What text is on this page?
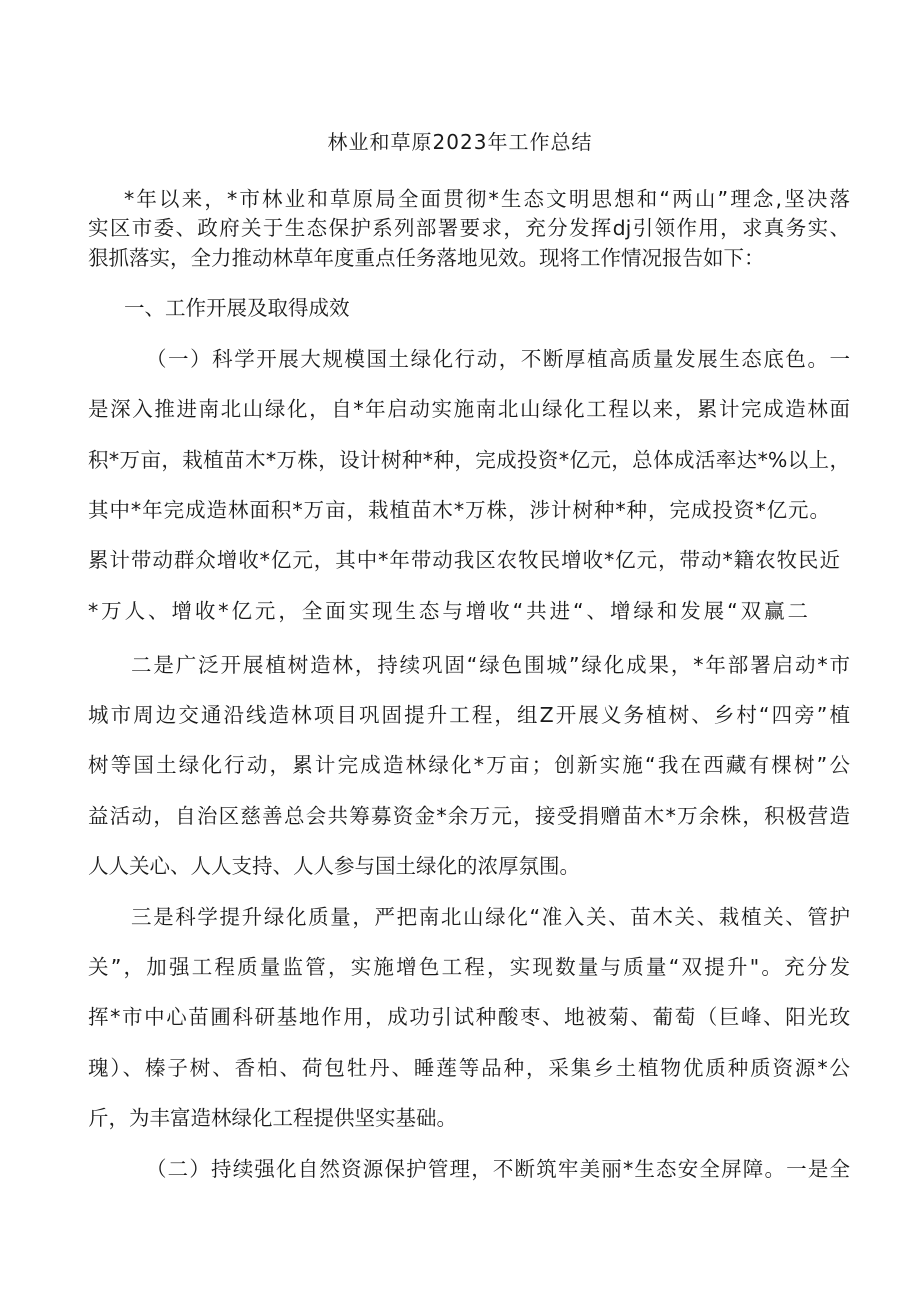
林业和草原2023年工作总结
*年以来，*市林业和草原局全面贯彻*生态文明思想和“两山”理念,坚决落
实区市委、政府关于生态保护系列部署要求，充分发挥dj引领作用，求真务实、
狠抓落实，全力推动林草年度重点任务落地见效。现将工作情况报告如下：
一、工作开展及取得成效
（一）科学开展大规模国土绿化行动，不断厚植高质量发展生态底色。一
是深入推进南北山绿化，自*年启动实施南北山绿化工程以来，累计完成造林面
积*万亩，栽植苗木*万株，设计树种*种，完成投资*亿元，总体成活率达*%以上，
其中*年完成造林面积*万亩，栽植苗木*万株，涉计树种*种，完成投资*亿元。
累计带动群众增收*亿元，其中*年带动我区农牧民增收*亿元，带动*籍农牧民近
*万人、增收*亿元，全面实现生态与增收“共进“、增绿和发展“双赢二
二是广泛开展植树造林，持续巩固“绿色围城”绿化成果，*年部署启动*市
城市周边交通沿线造林项目巩固提升工程，组Z开展义务植树、乡村“四旁”植
树等国土绿化行动，累计完成造林绿化*万亩；创新实施“我在西藏有棵树”公
益活动，自治区慈善总会共筹募资金*余万元，接受捐赠苗木*万余株，积极营造
人人关心、人人支持、人人参与国土绿化的浓厚氛围。
三是科学提升绿化质量，严把南北山绿化“准入关、苗木关、栽植关、管护
关”，加强工程质量监管，实施增色工程，实现数量与质量“双提升"。充分发
挥*市中心苗圃科研基地作用，成功引试种酸枣、地被菊、葡萄（巨峰、阳光玫
瑰）、榛子树、香柏、荷包牡丹、睡莲等品种，采集乡土植物优质种质资源*公
斤，为丰富造林绿化工程提供坚实基础。
（二）持续强化自然资源保护管理，不断筑牢美丽*生态安全屏障。一是全
